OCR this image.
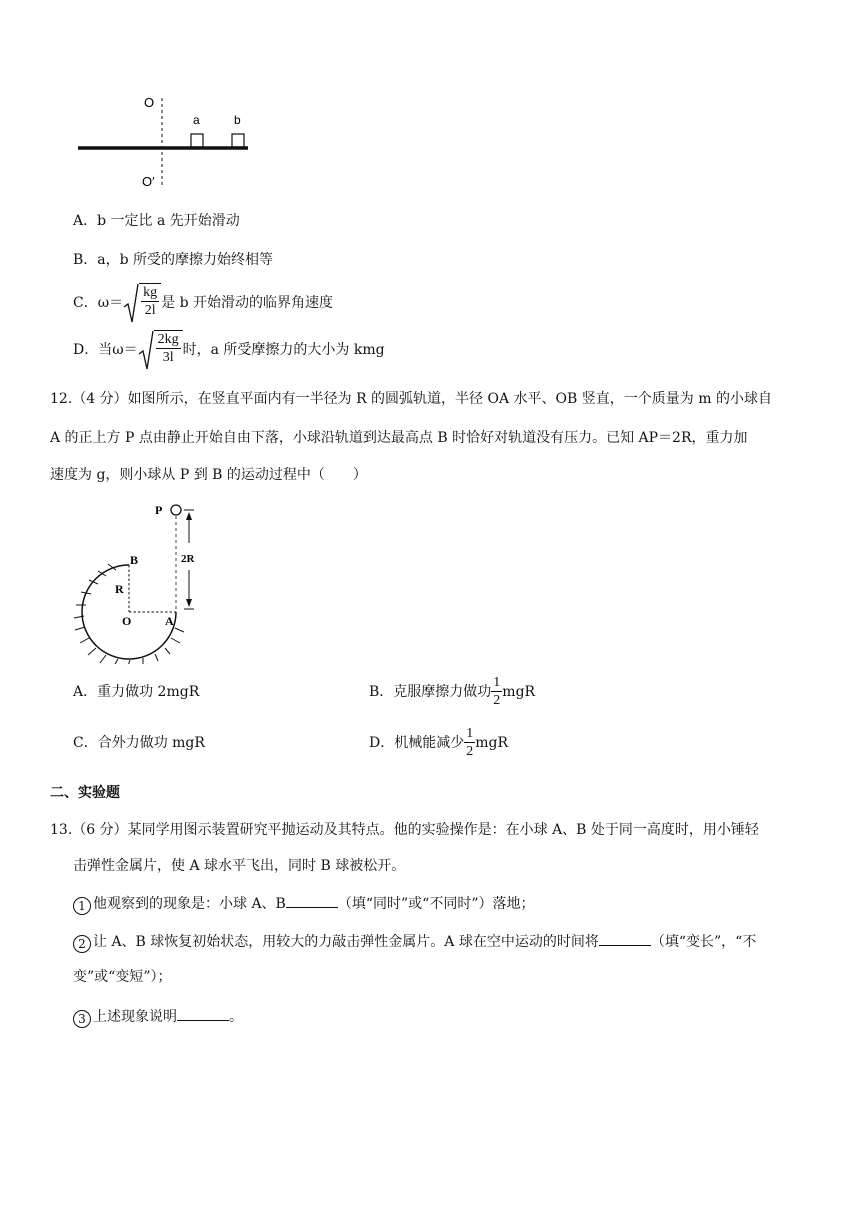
O
O′
a	b
A．b 一定比 a 先开始滑动
B．a，b 所受的摩擦力始终相等
C．$\omega= \frac{kg}{2l}$ 是 b 开始滑动的临界角速度
D．当$\omega= \frac{2kg}{3l}$ 时，a 所受摩擦力的大小为 kmg
12.（4 分）如图所示，在竖直平面内有一半径为 R 的圆弧轨道，半径 OA 水平、OB 竖直，一个质量为 m 的小球自
A 的正上方 P 点由静止开始自由下落，小球沿轨道到达最高点 B 时恰好对轨道没有压力。已知 AP＝2R，重力加
速度为 g，则小球从 P 到 B 的运动过程中（　　）
2R
P
B
R
O	A
A．重力做功 2mgR	B．克服摩擦力做功 $\frac{1}{2}$ mgR
C．合外力做功 mgR	D．机械能减少 $\frac{1}{2}$ mgR
二、实验题
13.（6 分）某同学用图示装置研究平抛运动及其特点。他的实验操作是：在小球 A、B 处于同一高度时，用小锤轻
击弹性金属片，使 A 球水平飞出，同时 B 球被松开。
1 他观察到的现象是：小球 A、B	（填“同时”或“不同时”）落地；
2 让 A、B 球恢复初始状态，用较大的力敲击弹性金属片。A 球在空中运动的时间将	（填“变长”，“不
变”或“变短”）；
3 上述现象说明	。
